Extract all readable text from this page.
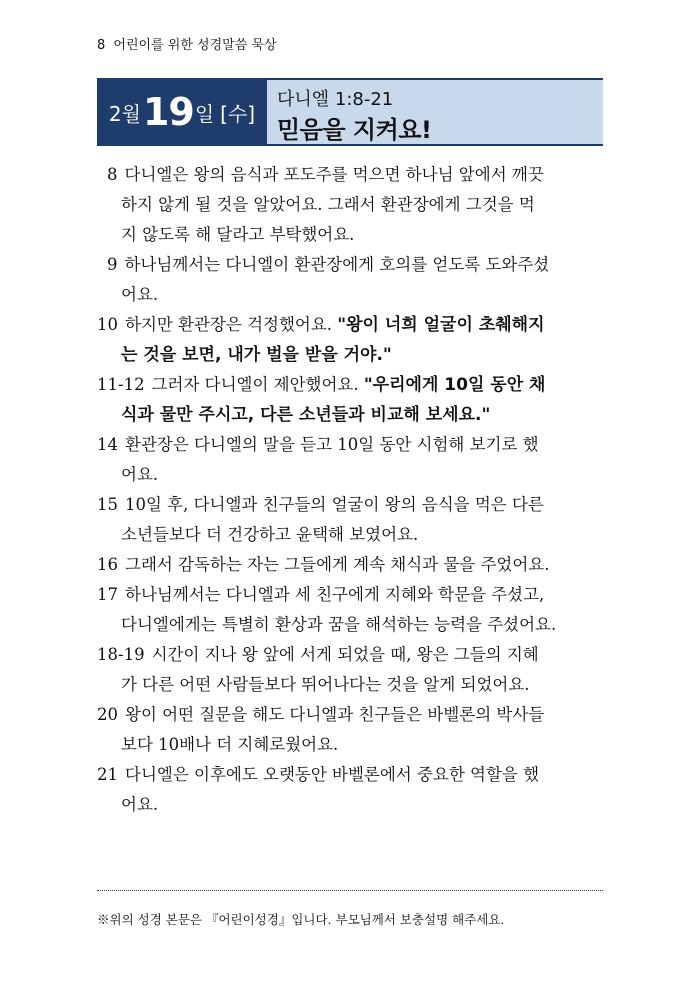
8 어린이를 위한 성경말씀 묵상
2월 19 일 [수]
다니엘 1:8-21
믿음을 지켜요!
8 다니엘은 왕의 음식과 포도주를 먹으면 하나님 앞에서 깨끗
하지 않게 될 것을 알았어요. 그래서 환관장에게 그것을 먹
지 않도록 해 달라고 부탁했어요.
9 하나님께서는 다니엘이 환관장에게 호의를 얻도록 도와주셨
어요.
10 하지만 환관장은 걱정했어요. "왕이 너희 얼굴이 초췌해지
는 것을 보면, 내가 벌을 받을 거야."
11-12 그러자 다니엘이 제안했어요. "우리에게 10일 동안 채
식과 물만 주시고, 다른 소년들과 비교해 보세요."
14 환관장은 다니엘의 말을 듣고 10일 동안 시험해 보기로 했
어요.
15 10일 후, 다니엘과 친구들의 얼굴이 왕의 음식을 먹은 다른
소년들보다 더 건강하고 윤택해 보였어요.
16 그래서 감독하는 자는 그들에게 계속 채식과 물을 주었어요.
17 하나님께서는 다니엘과 세 친구에게 지혜와 학문을 주셨고,
다니엘에게는 특별히 환상과 꿈을 해석하는 능력을 주셨어요.
18-19 시간이 지나 왕 앞에 서게 되었을 때, 왕은 그들의 지혜
가 다른 어떤 사람들보다 뛰어나다는 것을 알게 되었어요.
20 왕이 어떤 질문을 해도 다니엘과 친구들은 바벨론의 박사들
보다 10배나 더 지혜로웠어요.
21 다니엘은 이후에도 오랫동안 바벨론에서 중요한 역할을 했
어요.
※위의 성경 본문은 『어린이성경』입니다. 부모님께서 보충설명 해주세요.
